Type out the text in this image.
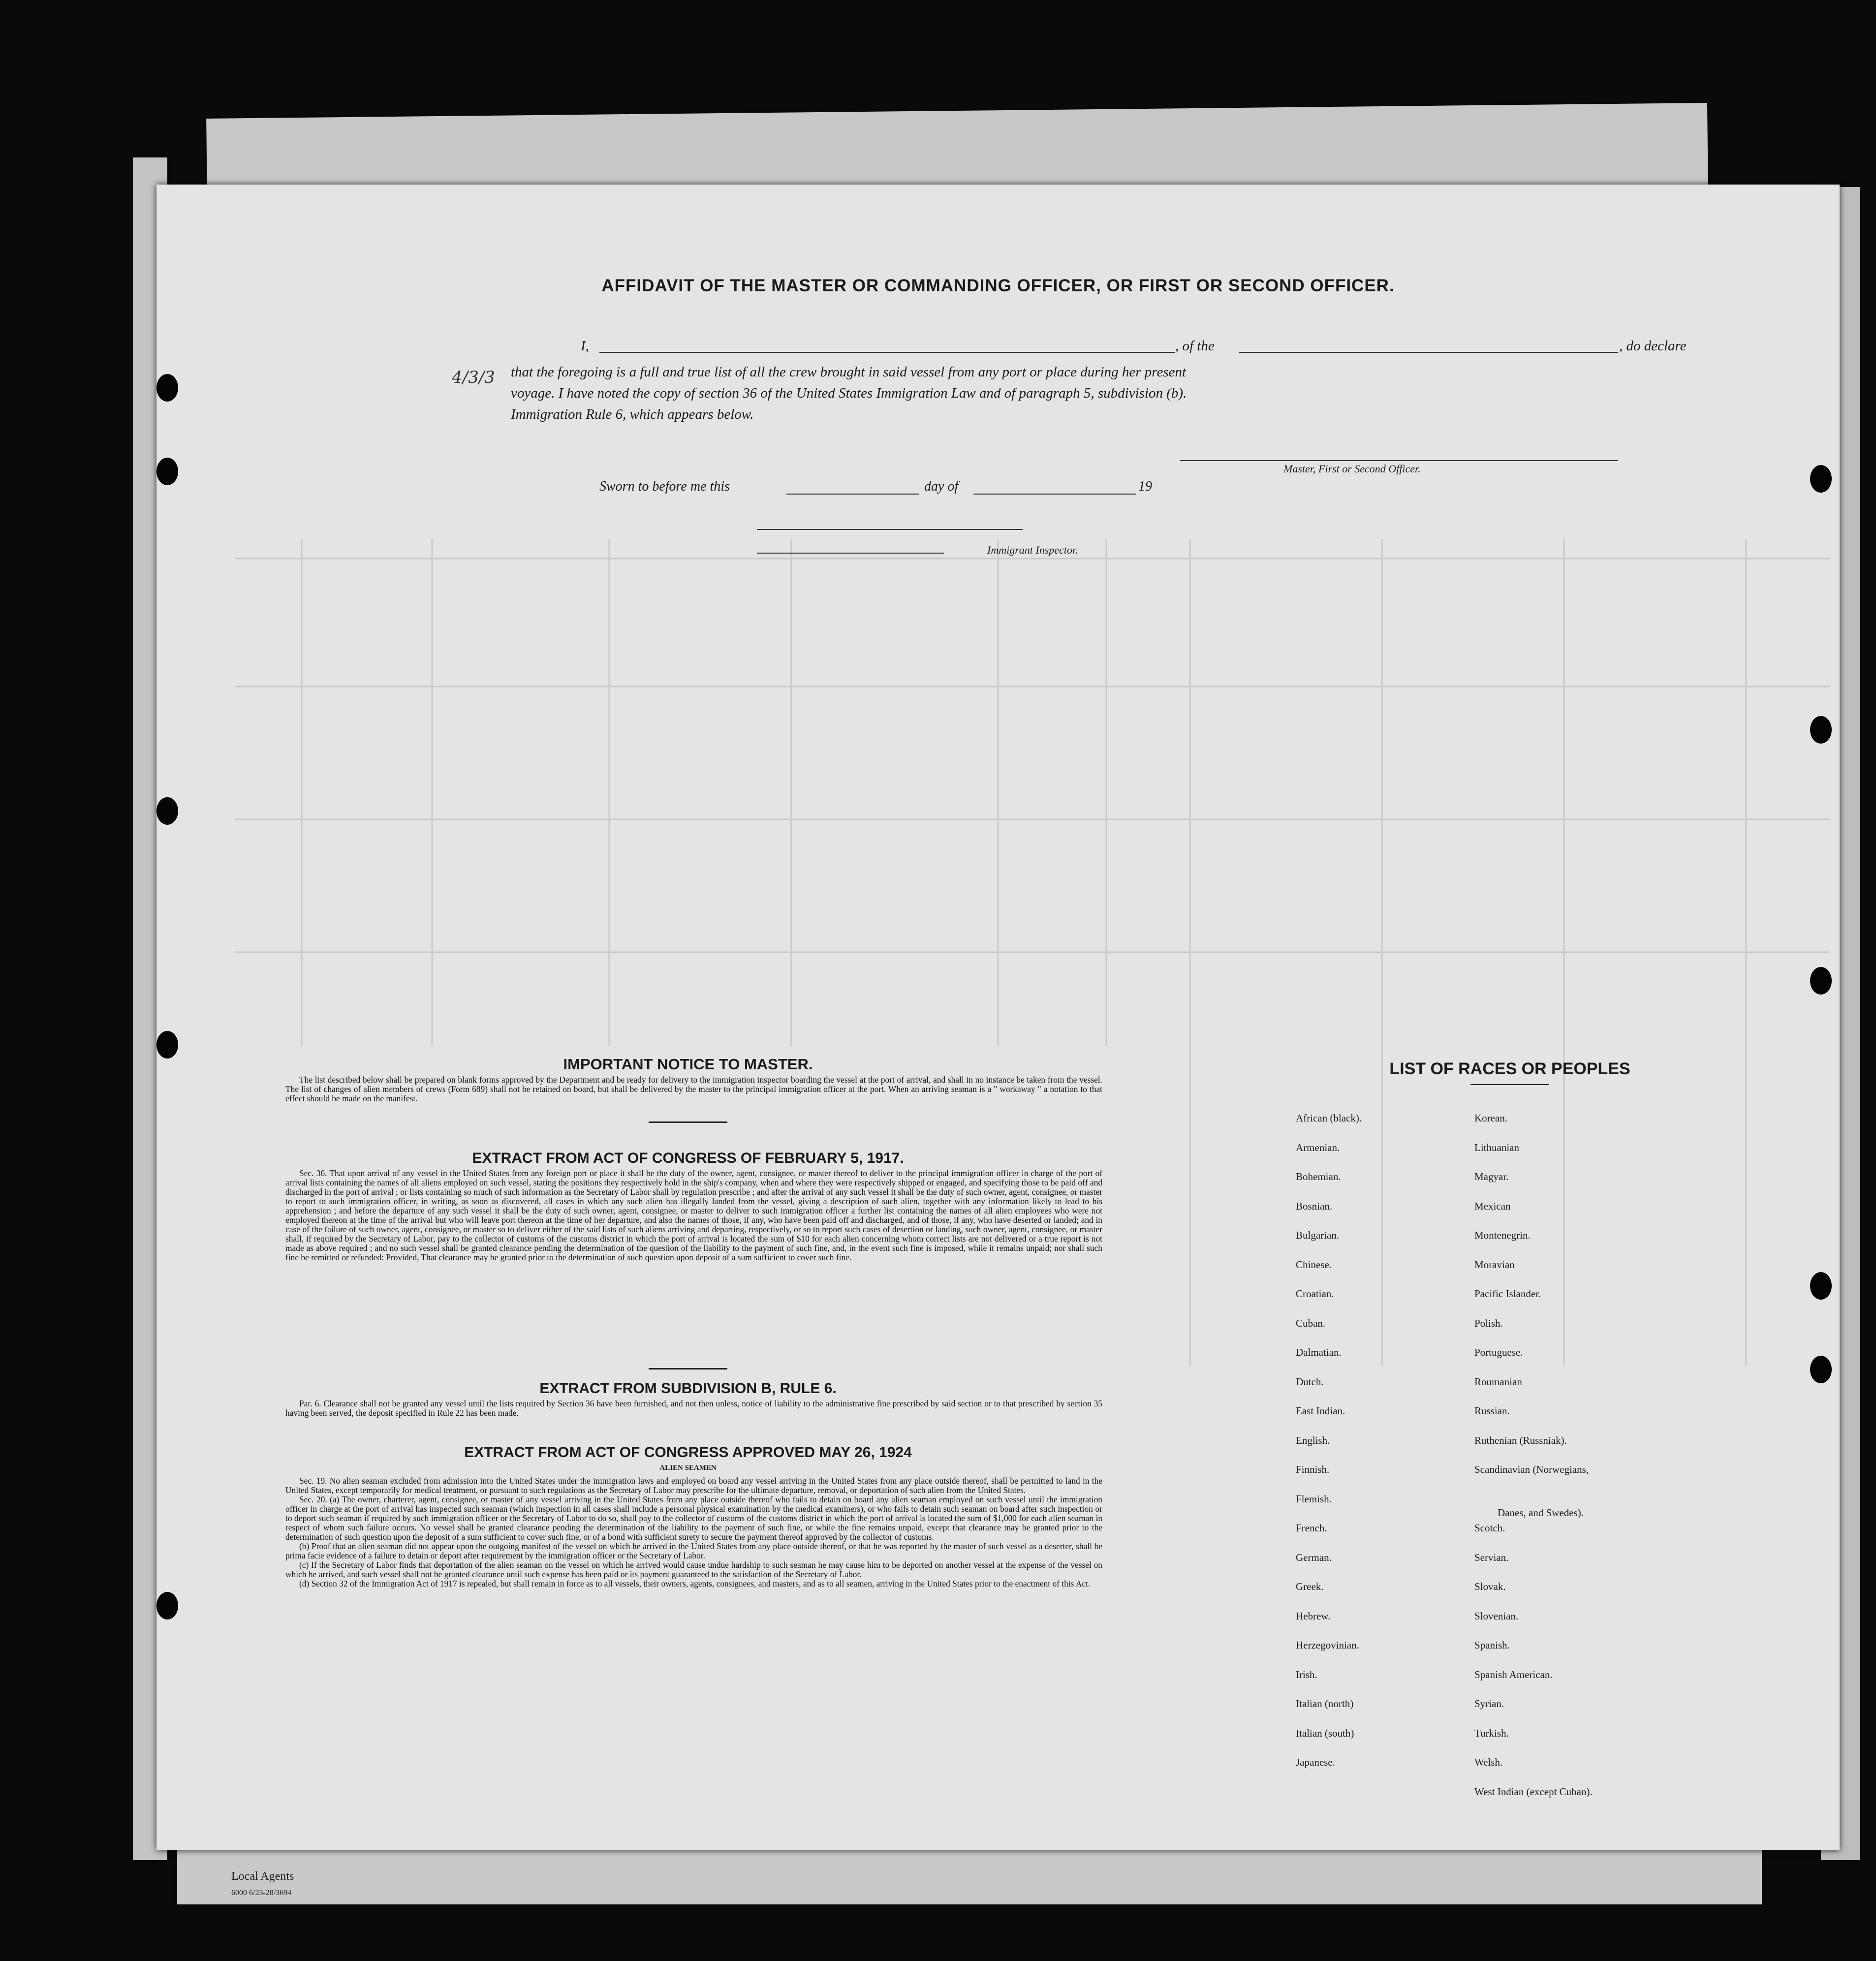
Local Agents
6000 6/23-28/3694
AFFIDAVIT OF THE MASTER OR COMMANDING OFFICER, OR FIRST OR SECOND OFFICER.
I,	, of the	, do declare
that the foregoing is a full and true list of all the crew brought in said vessel from any port or place during her present
voyage. I have noted the copy of section 36 of the United States Immigration Law and of paragraph 5, subdivision (b).
Immigration Rule 6, which appears below.
4/3/3
Master, First or Second Officer.
Sworn to before me this	day of	19
Immigrant Inspector.
IMPORTANT NOTICE TO MASTER.

The list described below shall be prepared on blank forms approved by the Department and be ready for delivery to the immigration inspector boarding the vessel at the port of arrival, and shall in no instance be taken from the vessel. The list of changes of alien members of crews (Form 689) shall not be retained on board, but shall be delivered by the master to the principal immigration officer at the port. When an arriving seaman is a " workaway " a notation to that effect should be made on the manifest.

EXTRACT FROM ACT OF CONGRESS OF FEBRUARY 5, 1917.

Sec. 36. That upon arrival of any vessel in the United States from any foreign port or place it shall be the duty of the owner, agent, consignee, or master thereof to deliver to the principal immigration officer in charge of the port of arrival lists containing the names of all aliens employed on such vessel, stating the positions they respectively hold in the ship's company, when and where they were respectively shipped or engaged, and specifying those to be paid off and discharged in the port of arrival ; or lists containing so much of such information as the Secretary of Labor shall by regulation prescribe ; and after the arrival of any such vessel it shall be the duty of such owner, agent, consignee, or master to report to such immigration officer, in writing, as soon as discovered, all cases in which any such alien has illegally landed from the vessel, giving a description of such alien, together with any information likely to lead to his apprehension ; and before the departure of any such vessel it shall be the duty of such owner, agent, consignee, or master to deliver to such immigration officer a further list containing the names of all alien employees who were not employed thereon at the time of the arrival but who will leave port thereon at the time of her departure, and also the names of those, if any, who have been paid off and discharged, and of those, if any, who have deserted or landed; and in case of the failure of such owner, agent, consignee, or master so to deliver either of the said lists of such aliens arriving and departing, respectively, or so to report such cases of desertion or landing, such owner, agent, consignee, or master shall, if required by the Secretary of Labor, pay to the collector of customs of the customs district in which the port of arrival is located the sum of $10 for each alien concerning whom correct lists are not delivered or a true report is not made as above required ; and no such vessel shall be granted clearance pending the determination of the question of the liability to the payment of such fine, and, in the event such fine is imposed, while it remains unpaid; nor shall such fine be remitted or refunded: Provided, That clearance may be granted prior to the determination of such question upon deposit of a sum sufficient to cover such fine.

EXTRACT FROM SUBDIVISION B, RULE 6.

Par. 6. Clearance shall not be granted any vessel until the lists required by Section 36 have been furnished, and not then unless, notice of liability to the administrative fine prescribed by said section or to that prescribed by section 35 having been served, the deposit specified in Rule 22 has been made.

EXTRACT FROM ACT OF CONGRESS APPROVED MAY 26, 1924
ALIEN SEAMEN

Sec. 19. No alien seaman excluded from admission into the United States under the immigration laws and employed on board any vessel arriving in the United States from any place outside thereof, shall be permitted to land in the United States, except temporarily for medical treatment, or pursuant to such regulations as the Secretary of Labor may prescribe for the ultimate departure, removal, or deportation of such alien from the United States.

Sec. 20. (a) The owner, charterer, agent, consignee, or master of any vessel arriving in the United States from any place outside thereof who fails to detain on board any alien seaman employed on such vessel until the immigration officer in charge at the port of arrival has inspected such seaman (which inspection in all cases shall include a personal physical examination by the medical examiners), or who fails to detain such seaman on board after such inspection or to deport such seaman if required by such immigration officer or the Secretary of Labor to do so, shall pay to the collector of customs of the customs district in which the port of arrival is located the sum of $1,000 for each alien seaman in respect of whom such failure occurs. No vessel shall be granted clearance pending the determination of the liability to the payment of such fine, or while the fine remains unpaid, except that clearance may be granted prior to the determination of such question upon the deposit of a sum sufficient to cover such fine, or of a bond with sufficient surety to secure the payment thereof approved by the collector of customs.

(b) Proof that an alien seaman did not appear upon the outgoing manifest of the vessel on which he arrived in the United States from any place outside thereof, or that he was reported by the master of such vessel as a deserter, shall be prima facie evidence of a failure to detain or deport after requirement by the immigration officer or the Secretary of Labor.

(c) If the Secretary of Labor finds that deportation of the alien seaman on the vessel on which he arrived would cause undue hardship to such seaman he may cause him to be deported on another vessel at the expense of the vessel on which he arrived, and such vessel shall not be granted clearance until such expense has been paid or its payment guaranteed to the satisfaction of the Secretary of Labor.

(d) Section 32 of the Immigration Act of 1917 is repealed, but shall remain in force as to all vessels, their owners, agents, consignees, and masters, and as to all seamen, arriving in the United States prior to the enactment of this Act.

LIST OF RACES OR PEOPLES
African (black).
Armenian.
Bohemian.
Bosnian.
Bulgarian.
Chinese.
Croatian.
Cuban.
Dalmatian.
Dutch.
East Indian.
English.
Finnish.
Flemish.
French.
German.
Greek.
Hebrew.
Herzegovinian.
Irish.
Italian (north)
Italian (south)
Japanese.
Korean.
Lithuanian
Magyar.
Mexican
Montenegrin.
Moravian
Pacific Islander.
Polish.
Portuguese.
Roumanian
Russian.
Ruthenian (Russniak).
Scandinavian (Norwegians,
Danes, and Swedes).
Scotch.
Servian.
Slovak.
Slovenian.
Spanish.
Spanish American.
Syrian.
Turkish.
Welsh.
West Indian (except Cuban).
